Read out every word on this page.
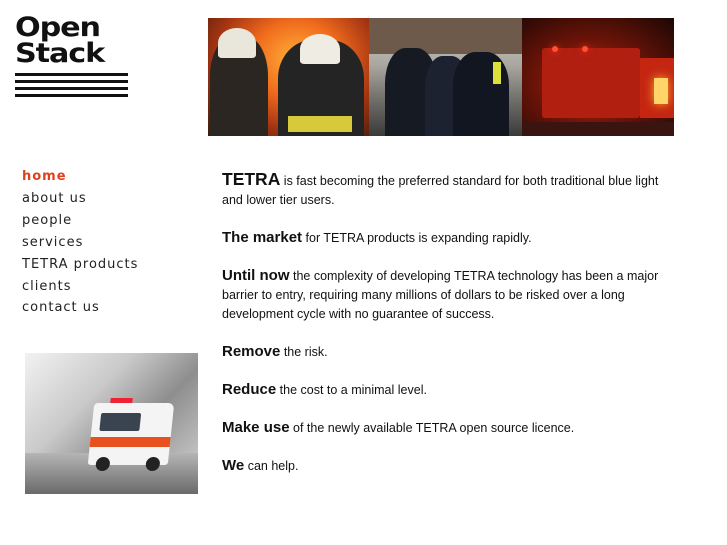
Open
Stack
home
about us
people
services
TETRA products
clients
contact us

TETRA is fast becoming the preferred standard for both traditional blue light and lower tier users.

The market for TETRA products is expanding rapidly.

Until now the complexity of developing TETRA technology has been a major barrier to entry, requiring many millions of dollars to be risked over a long development cycle with no guarantee of success.

Remove the risk.

Reduce the cost to a minimal level.

Make use of the newly available TETRA open source licence.

We can help.
